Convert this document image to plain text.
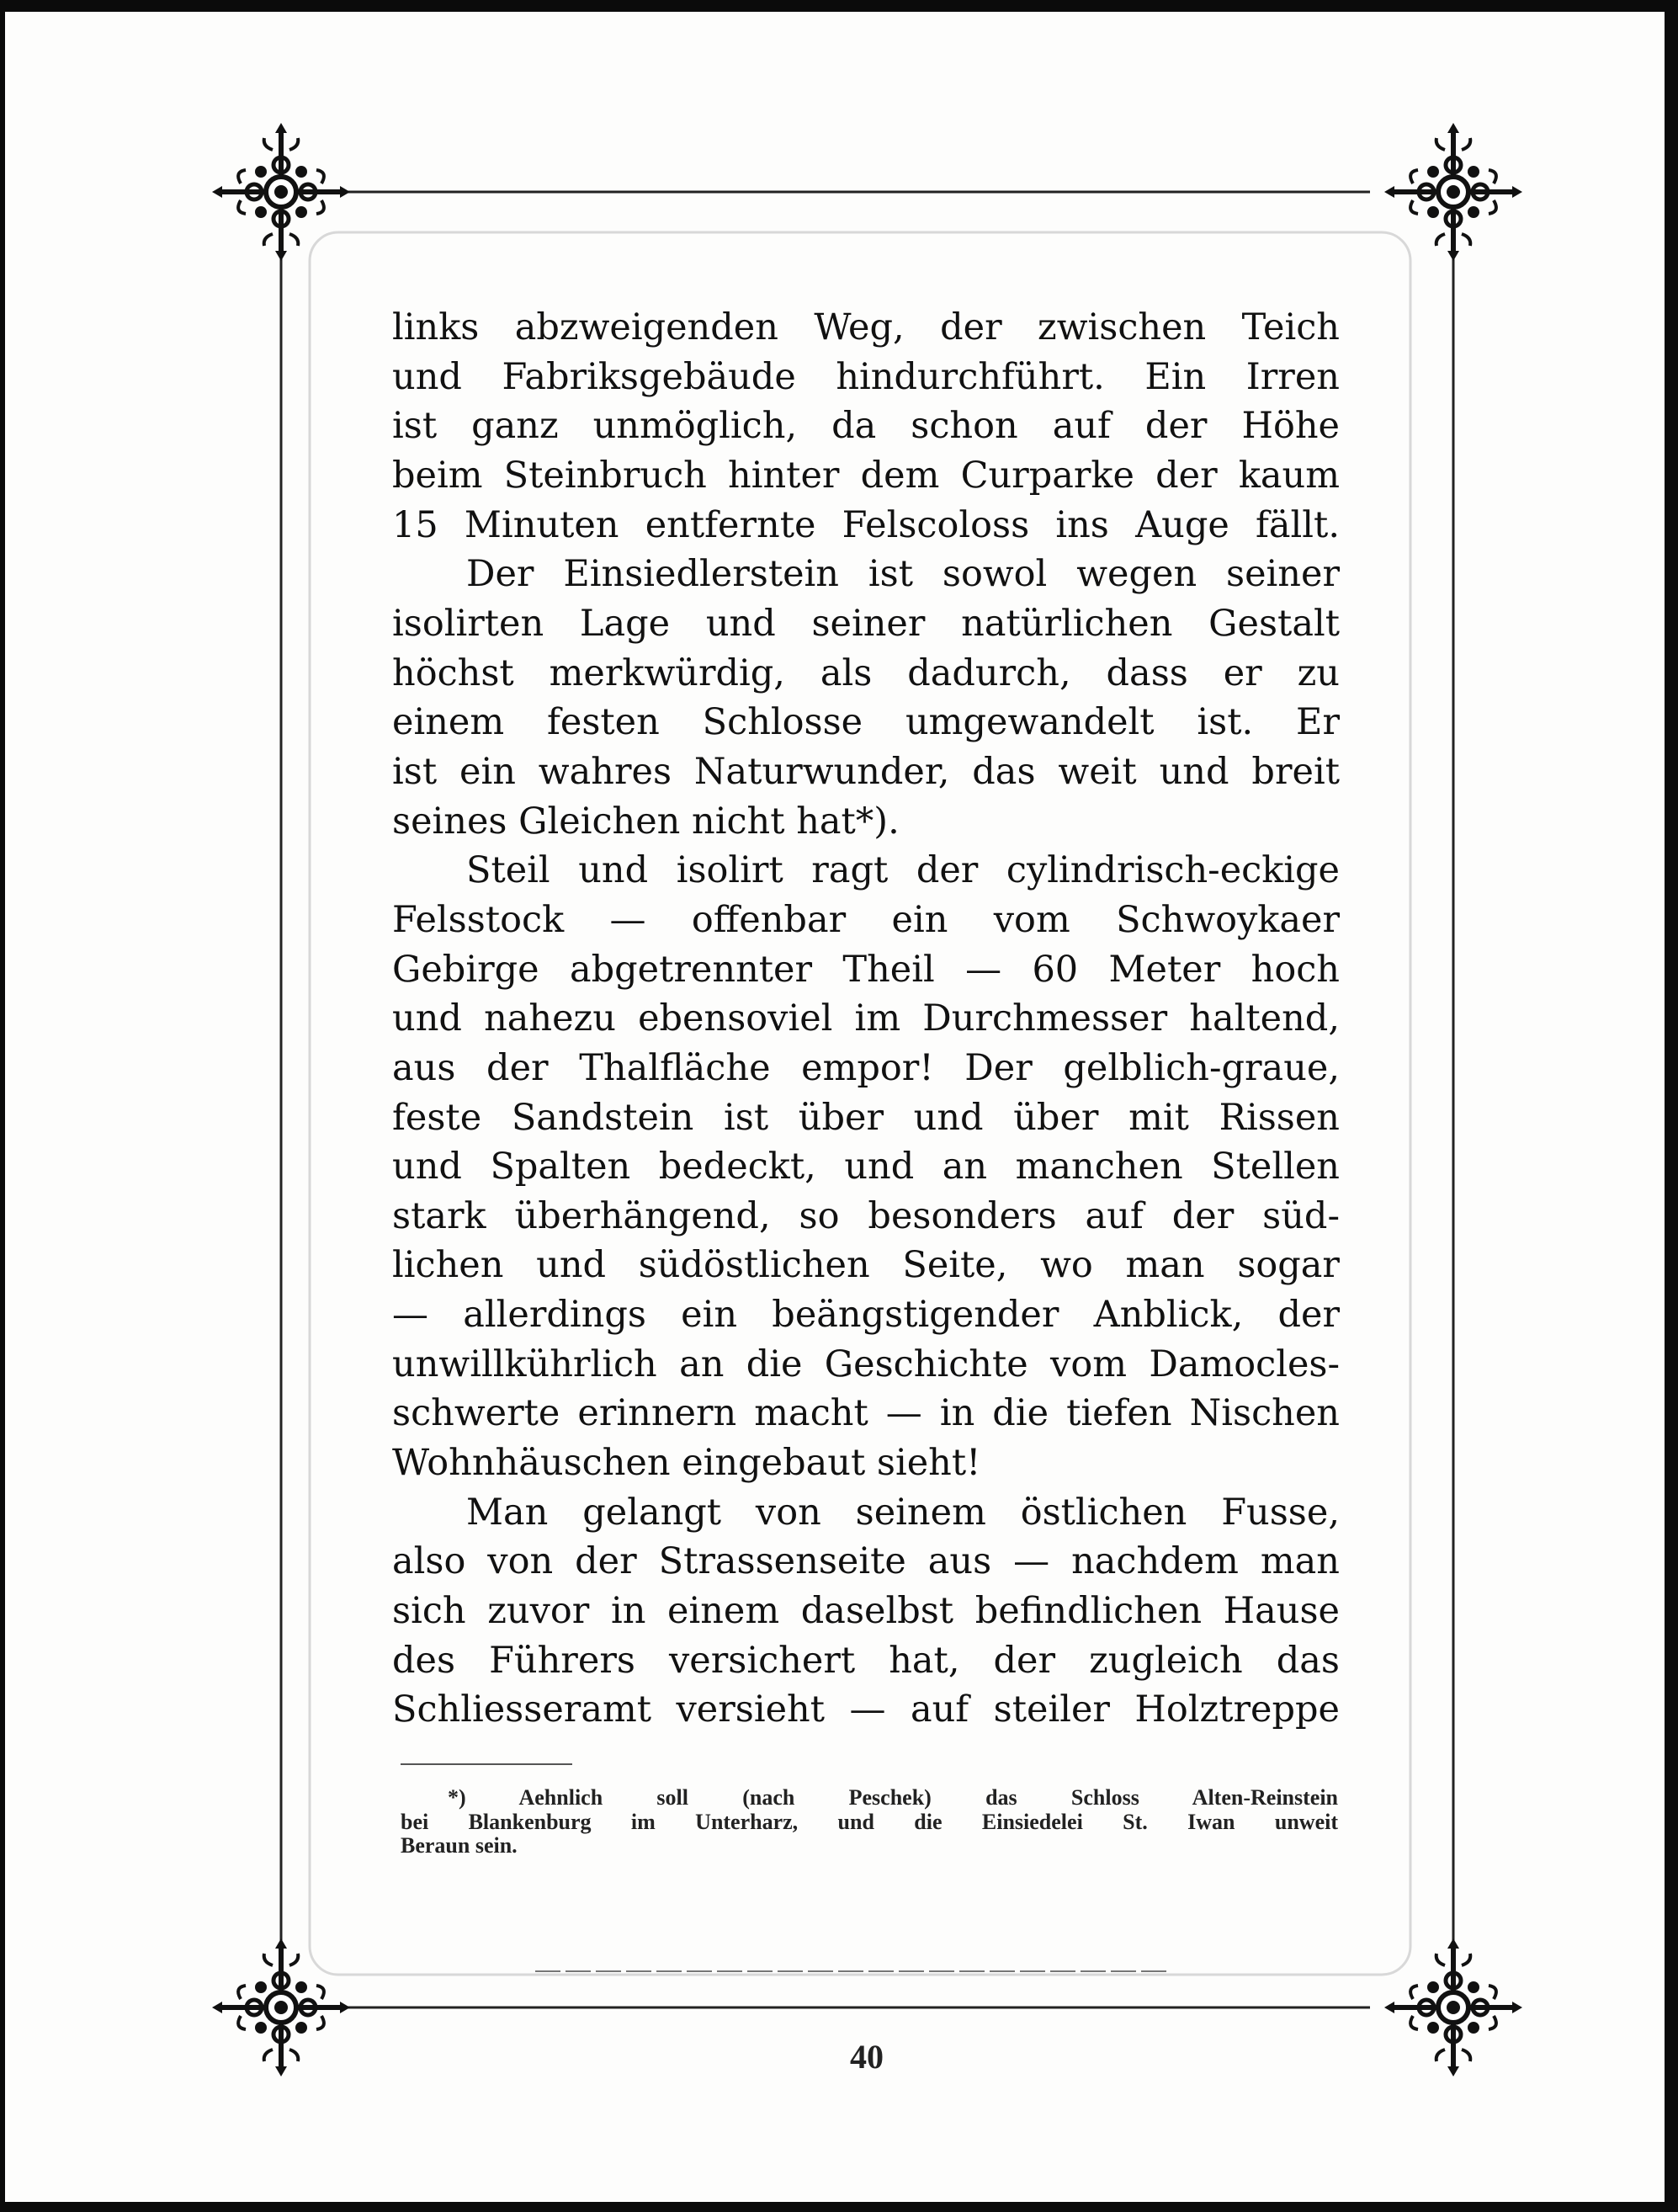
links abzweigenden Weg, der zwischen Teich
und Fabriksgebäude hindurchführt. Ein Irren
ist ganz unmöglich, da schon auf der Höhe
beim Steinbruch hinter dem Curparke der kaum
15 Minuten entfernte Felscoloss ins Auge fällt.
Der Einsiedlerstein ist sowol wegen seiner
isolirten Lage und seiner natürlichen Gestalt
höchst merkwürdig, als dadurch, dass er zu
einem festen Schlosse umgewandelt ist. Er
ist ein wahres Naturwunder, das weit und breit
seines Gleichen nicht hat*).
Steil und isolirt ragt der cylindrisch-eckige
Felsstock — offenbar ein vom Schwoykaer
Gebirge abgetrennter Theil — 60 Meter hoch
und nahezu ebensoviel im Durchmesser haltend,
aus der Thalfläche empor! Der gelblich-graue,
feste Sandstein ist über und über mit Rissen
und Spalten bedeckt, und an manchen Stellen
stark überhängend, so besonders auf der süd-
lichen und südöstlichen Seite, wo man sogar
— allerdings ein beängstigender Anblick, der
unwillkührlich an die Geschichte vom Damocles-
schwerte erinnern macht — in die tiefen Nischen
Wohnhäuschen eingebaut sieht!
Man gelangt von seinem östlichen Fusse,
also von der Strassenseite aus — nachdem man
sich zuvor in einem daselbst befindlichen Hause
des Führers versichert hat, der zugleich das
Schliesseramt versieht — auf steiler Holztreppe
*) Aehnlich soll (nach Peschek) das Schloss Alten-Reinstein
bei Blankenburg im Unterharz, und die Einsiedelei St. Iwan unweit
Beraun sein.
40
